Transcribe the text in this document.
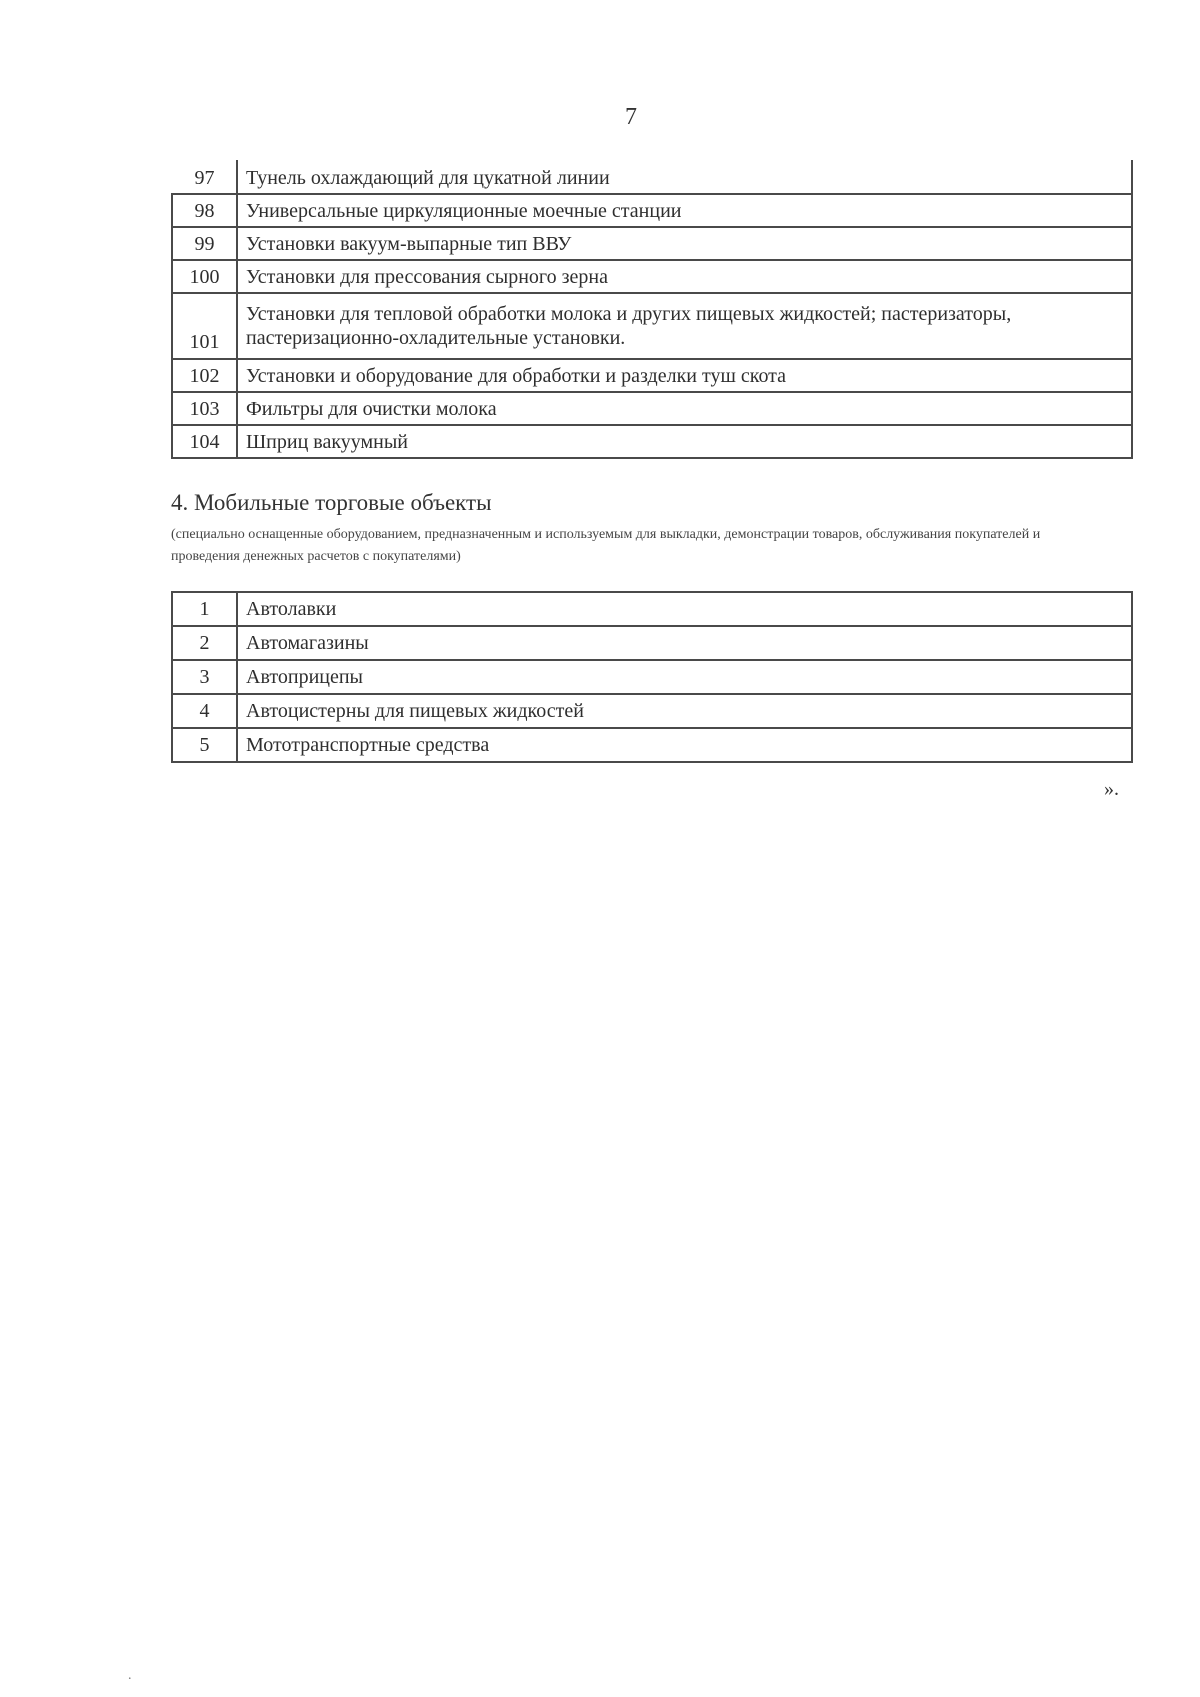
7
97	Тунель охлаждающий для цукатной линии
98	Универсальные циркуляционные моечные станции
99	Установки вакуум-выпарные тип ВВУ
100	Установки для прессования сырного зерна
101	Установки для тепловой обработки молока и других пищевых жидкостей; пастеризаторы, пастеризационно-охладительные установки.
102	Установки и оборудование для обработки и разделки туш скота
103	Фильтры для очистки молока
104	Шприц вакуумный
4. Мобильные торговые объекты
(специально оснащенные оборудованием, предназначенным и используемым для выкладки, демонстрации товаров, обслуживания покупателей и проведения денежных расчетов с покупателями)
1	Автолавки
2	Автомагазины
3	Автоприцепы
4	Автоцистерны для пищевых жидкостей
5	Мототранспортные средства
».
.
